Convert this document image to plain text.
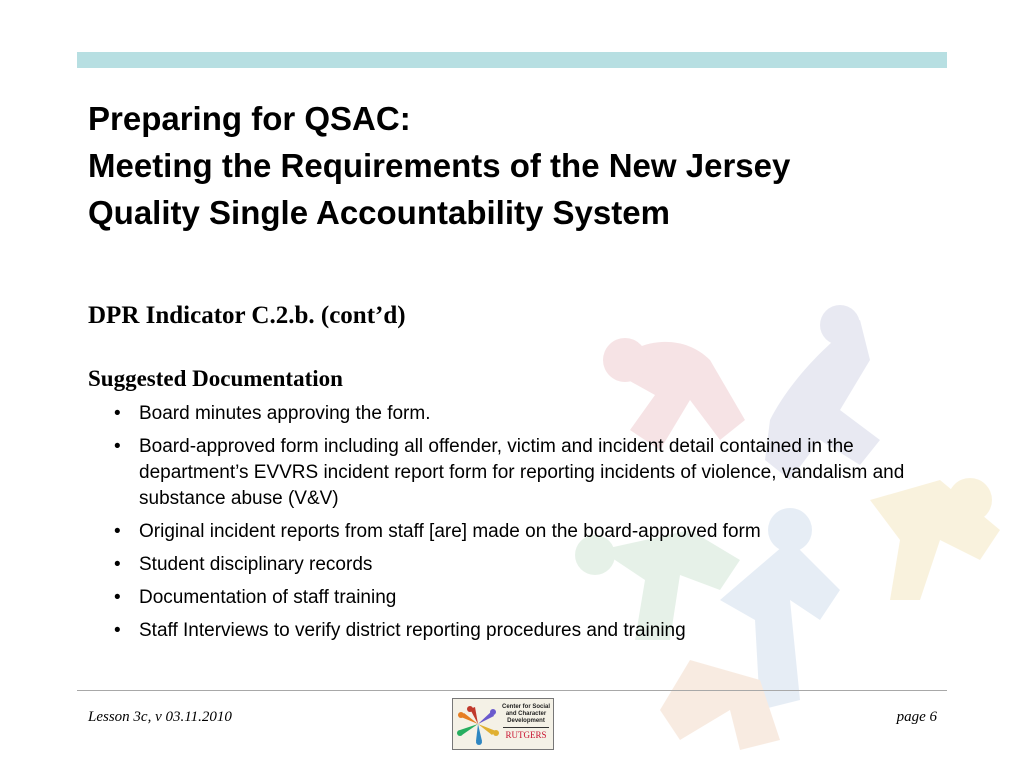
Preparing for QSAC:
Meeting the Requirements of the New Jersey
Quality Single Accountability System
DPR Indicator C.2.b. (cont’d)
Suggested Documentation
• Board minutes approving the form.
• Board-approved form including all offender, victim and incident detail contained in the department’s EVVRS incident report form for reporting incidents of violence, vandalism and substance abuse (V&V)
• Original incident reports from staff [are] made on the board-approved form
• Student disciplinary records
• Documentation of staff training
• Staff Interviews to verify district reporting procedures and training
Lesson 3c, v 03.11.2010
Center for Social
and Character
Development
RUTGERS
page 6
